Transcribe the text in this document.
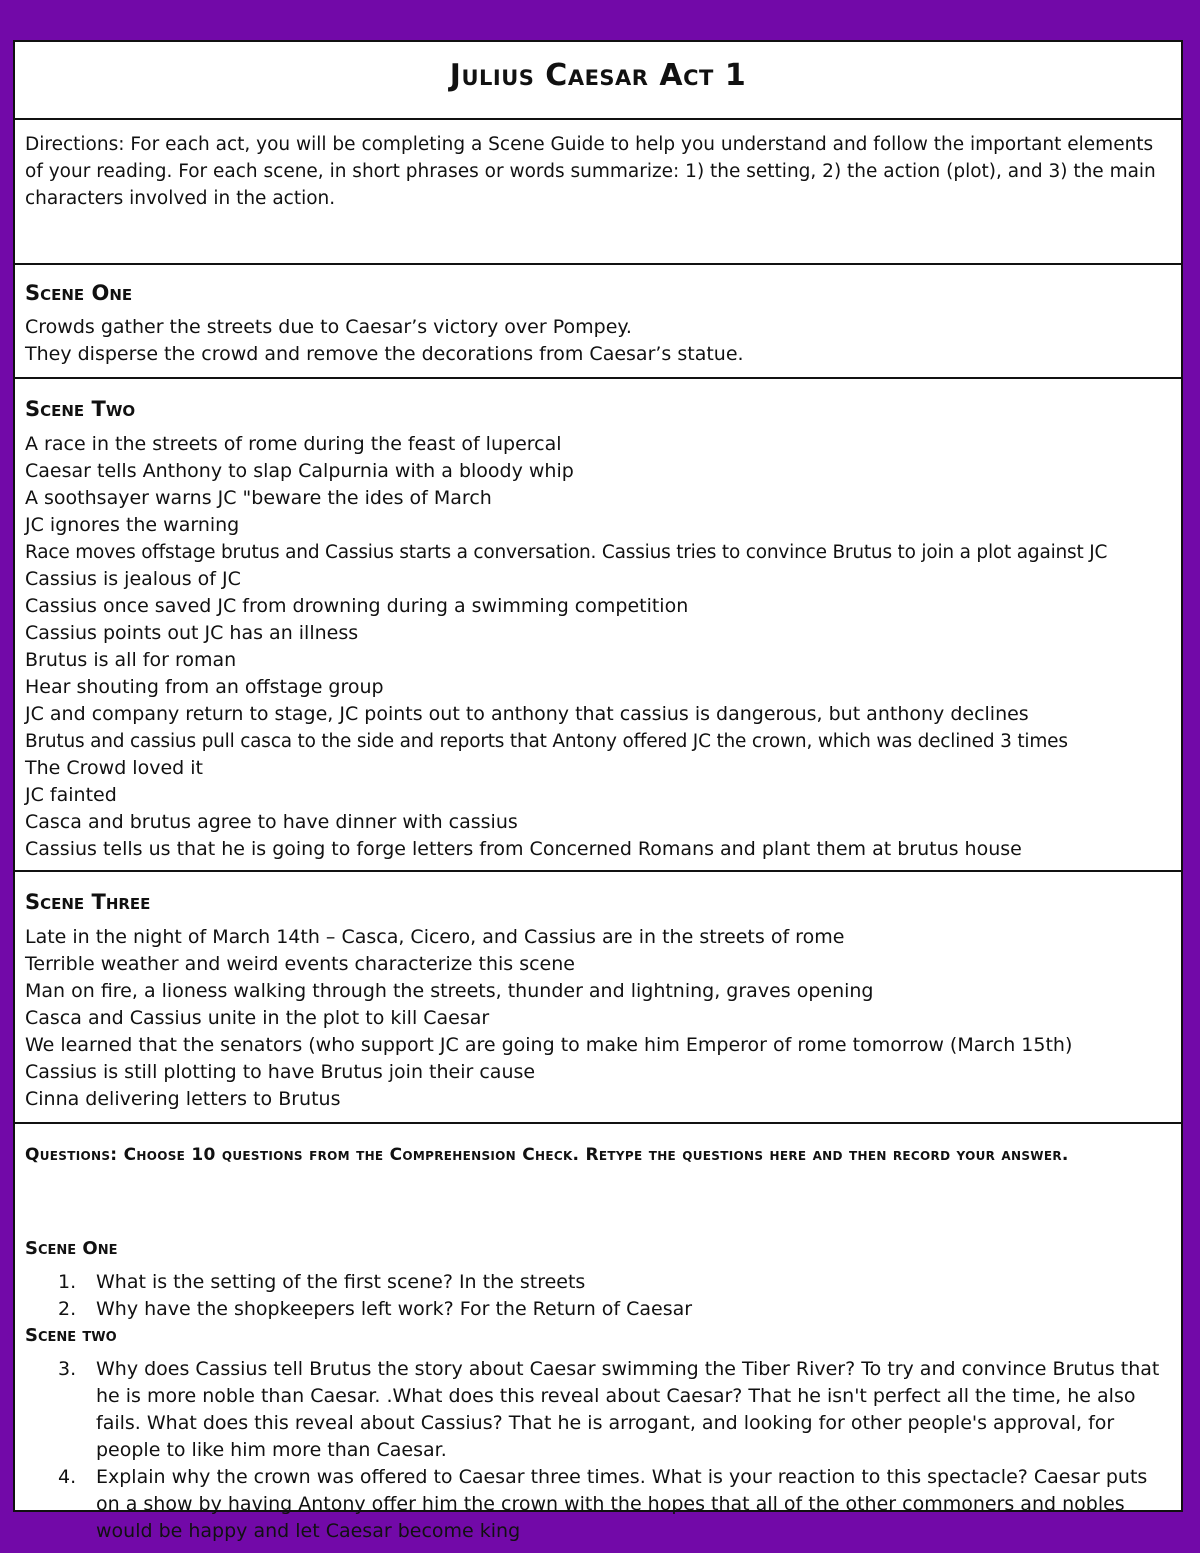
Julius Caesar Act 1

Directions: For each act, you will be completing a Scene Guide to help you understand and follow the important elements of your reading. For each scene, in short phrases or words summarize: 1) the setting, 2) the action (plot), and 3) the main characters involved in the action.

Scene One
Crowds gather the streets due to Caesar’s victory over Pompey.
They disperse the crowd and remove the decorations from Caesar’s statue.
Scene Two
A race in the streets of rome during the feast of lupercal
Caesar tells Anthony to slap Calpurnia with a bloody whip
A soothsayer warns JC "beware the ides of March
JC ignores the warning
Race moves offstage brutus and Cassius starts a conversation. Cassius tries to convince Brutus to join a plot against JC
Cassius is jealous of JC
Cassius once saved JC from drowning during a swimming competition
Cassius points out JC has an illness
Brutus is all for roman
Hear shouting from an offstage group
JC and company return to stage, JC points out to anthony that cassius is dangerous, but anthony declines
Brutus and cassius pull casca to the side and reports that Antony offered JC the crown, which was declined 3 times
The Crowd loved it
JC fainted
Casca and brutus agree to have dinner with cassius
Cassius tells us that he is going to forge letters from Concerned Romans and plant them at brutus house
Scene Three
Late in the night of March 14th – Casca, Cicero, and Cassius are in the streets of rome
Terrible weather and weird events characterize this scene
Man on fire, a lioness walking through the streets, thunder and lightning, graves opening
Casca and Cassius unite in the plot to kill Caesar
We learned that the senators (who support JC are going to make him Emperor of rome tomorrow (March 15th)
Cassius is still plotting to have Brutus join their cause
Cinna delivering letters to Brutus

Questions: Choose 10 questions from the Comprehension Check. Retype the questions here and then record your answer.

Scene One
1. What is the setting of the first scene? In the streets
2. Why have the shopkeepers left work? For the Return of Caesar
Scene two
3. Why does Cassius tell Brutus the story about Caesar swimming the Tiber River? To try and convince Brutus that he is more noble than Caesar. .What does this reveal about Caesar? That he isn't perfect all the time, he also fails. What does this reveal about Cassius? That he is arrogant, and looking for other people's approval, for people to like him more than Caesar.
4. Explain why the crown was offered to Caesar three times. What is your reaction to this spectacle? Caesar puts on a show by having Antony offer him the crown with the hopes that all of the other commoners and nobles would be happy and let Caesar become king
